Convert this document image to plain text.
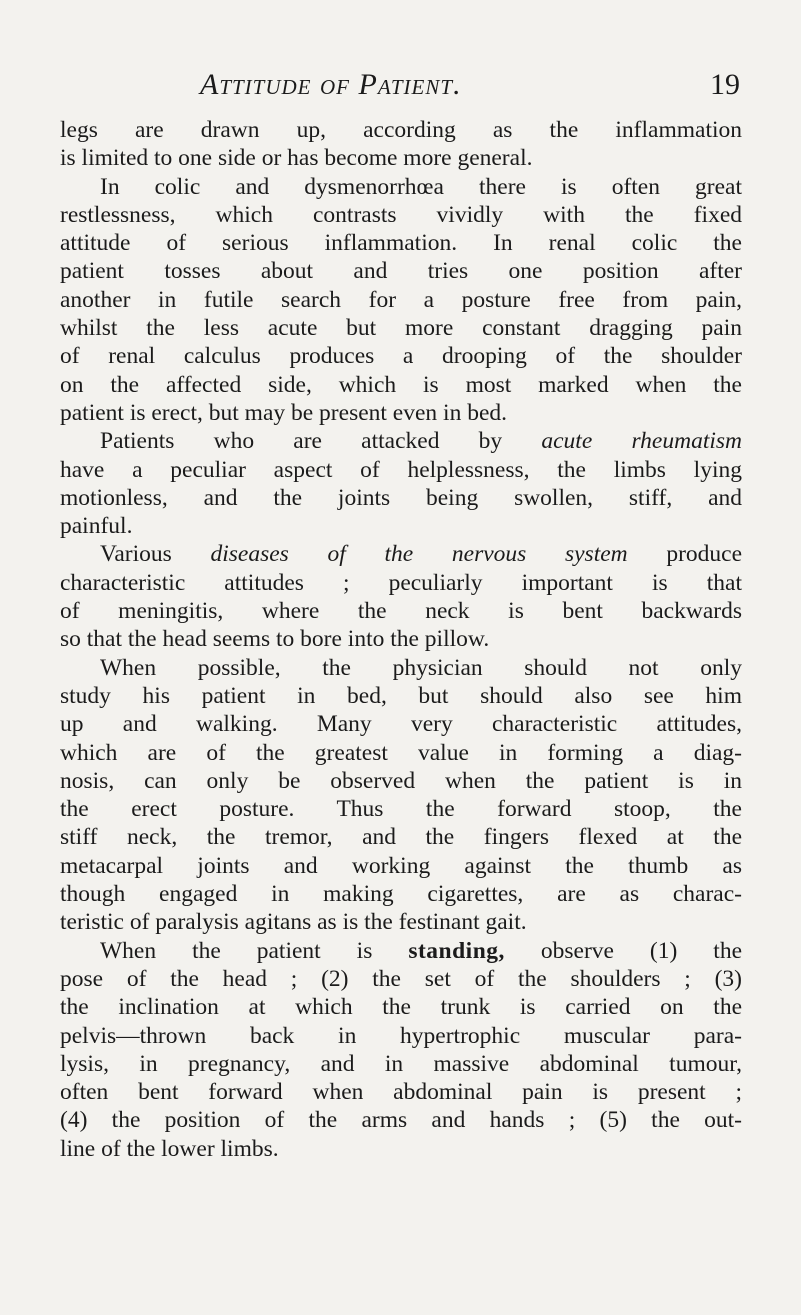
Attitude of Patient.	19
legs are drawn up, according as the inflammation
is limited to one side or has become more general.
In colic and dysmenorrhœa there is often great
restlessness, which contrasts vividly with the fixed
attitude of serious inflammation. In renal colic the
patient tosses about and tries one position after
another in futile search for a posture free from pain,
whilst the less acute but more constant dragging pain
of renal calculus produces a drooping of the shoulder
on the affected side, which is most marked when the
patient is erect, but may be present even in bed.
Patients who are attacked by acute rheumatism
have a peculiar aspect of helplessness, the limbs lying
motionless, and the joints being swollen, stiff, and
painful.
Various diseases of the nervous system produce
characteristic attitudes ; peculiarly important is that
of meningitis, where the neck is bent backwards
so that the head seems to bore into the pillow.
When possible, the physician should not only
study his patient in bed, but should also see him
up and walking. Many very characteristic attitudes,
which are of the greatest value in forming a diag-
nosis, can only be observed when the patient is in
the erect posture. Thus the forward stoop, the
stiff neck, the tremor, and the fingers flexed at the
metacarpal joints and working against the thumb as
though engaged in making cigarettes, are as charac-
teristic of paralysis agitans as is the festinant gait.
When the patient is standing, observe (1) the
pose of the head ; (2) the set of the shoulders ; (3)
the inclination at which the trunk is carried on the
pelvis—thrown back in hypertrophic muscular para-
lysis, in pregnancy, and in massive abdominal tumour,
often bent forward when abdominal pain is present ;
(4) the position of the arms and hands ; (5) the out-
line of the lower limbs.
